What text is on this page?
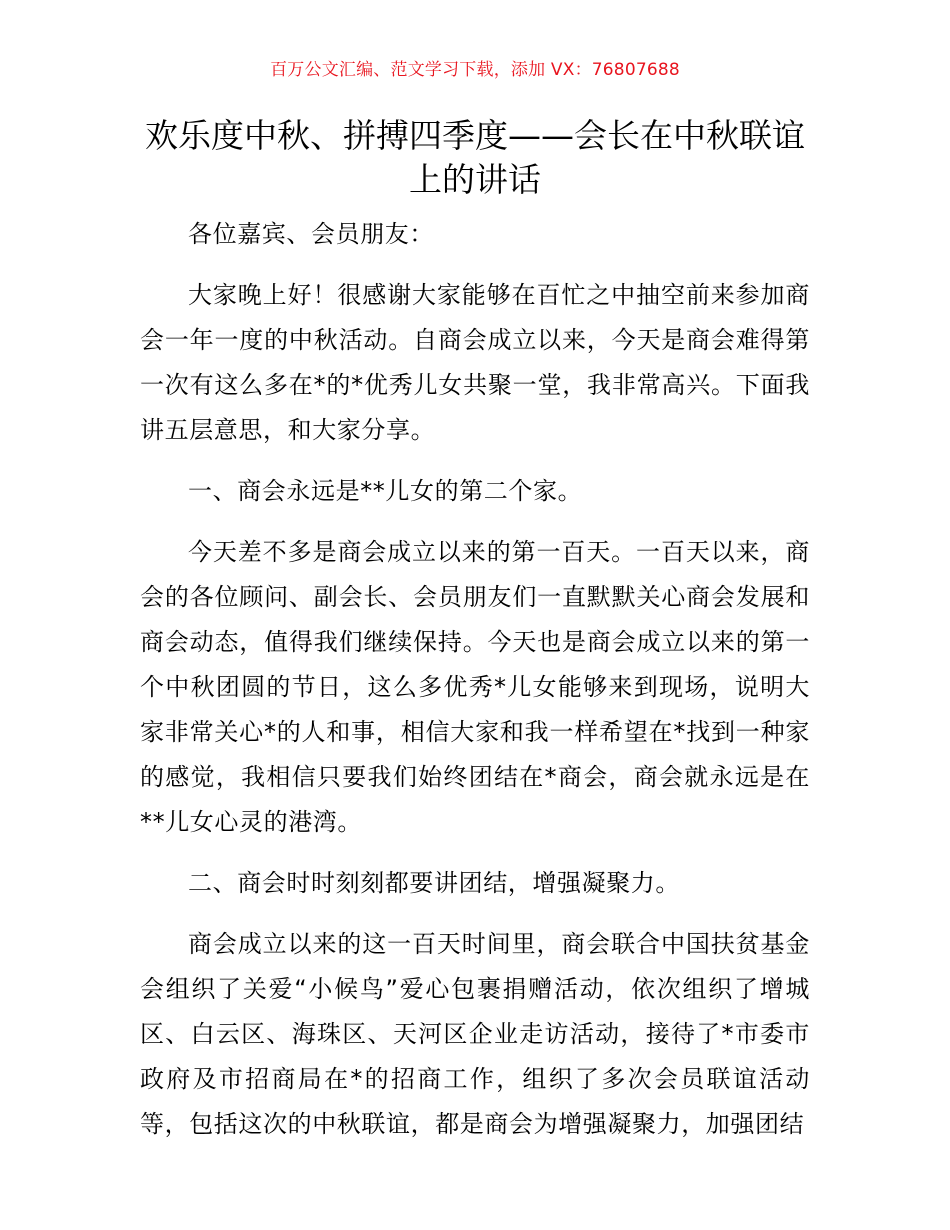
百万公文汇编、范文学习下载，添加 VX：76807688
欢乐度中秋、拼搏四季度——会长在中秋联谊上的讲话

各位嘉宾、会员朋友：

大家晚上好！很感谢大家能够在百忙之中抽空前来参加商会一年一度的中秋活动。自商会成立以来，今天是商会难得第一次有这么多在*的*优秀儿女共聚一堂，我非常高兴。下面我讲五层意思，和大家分享。

一、商会永远是**儿女的第二个家。

今天差不多是商会成立以来的第一百天。一百天以来，商会的各位顾问、副会长、会员朋友们一直默默关心商会发展和商会动态，值得我们继续保持。今天也是商会成立以来的第一个中秋团圆的节日，这么多优秀*儿女能够来到现场，说明大家非常关心*的人和事，相信大家和我一样希望在*找到一种家的感觉，我相信只要我们始终团结在*商会，商会就永远是在**儿女心灵的港湾。

二、商会时时刻刻都要讲团结，增强凝聚力。

商会成立以来的这一百天时间里，商会联合中国扶贫基金会组织了关爱“小候鸟”爱心包裹捐赠活动，依次组织了增城区、白云区、海珠区、天河区企业走访活动，接待了*市委市政府及市招商局在*的招商工作，组织了多次会员联谊活动等，包括这次的中秋联谊，都是商会为增强凝聚力，加强团结
